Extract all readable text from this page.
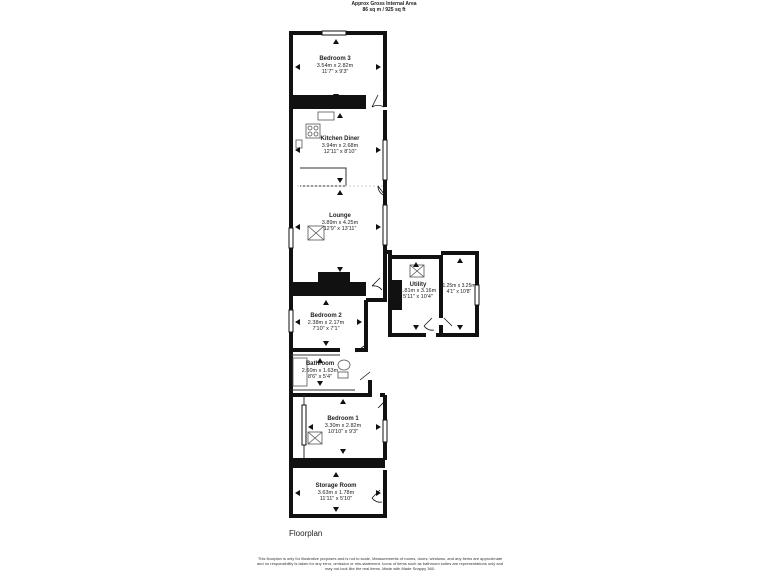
Approx Gross Internal Area
86 sq m / 925 sq ft
Bedroom 3
3.54m x 2.82m
11'7" x 9'3"
Kitchen Diner
3.94m x 2.68m
12'11" x 8'10"
Lounge
3.89m x 4.25m
12'9" x 13'11"
Utility
1.81m x 3.16m
5'11" x 10'4"
1.25m x 3.25m
4'1" x 10'8"
Bedroom 2
2.38m x 2.17m
7'10" x 7'1"
Bathroom
2.60m x 1.63m
8'6" x 5'4"
Bedroom 1
3.30m x 2.82m
10'10" x 9'3"
Storage Room
3.63m x 1.78m
11'11" x 5'10"
Floorplan
This floorplan is only for illustrative purposes and is not to scale. Measurements of rooms, doors, windows, and any items are approximate
and no responsibility is taken for any error, omission or mis-statement. Icons of items such as bathroom suites are representations only and
may not look like the real items. Made with Made Snappy 360.
